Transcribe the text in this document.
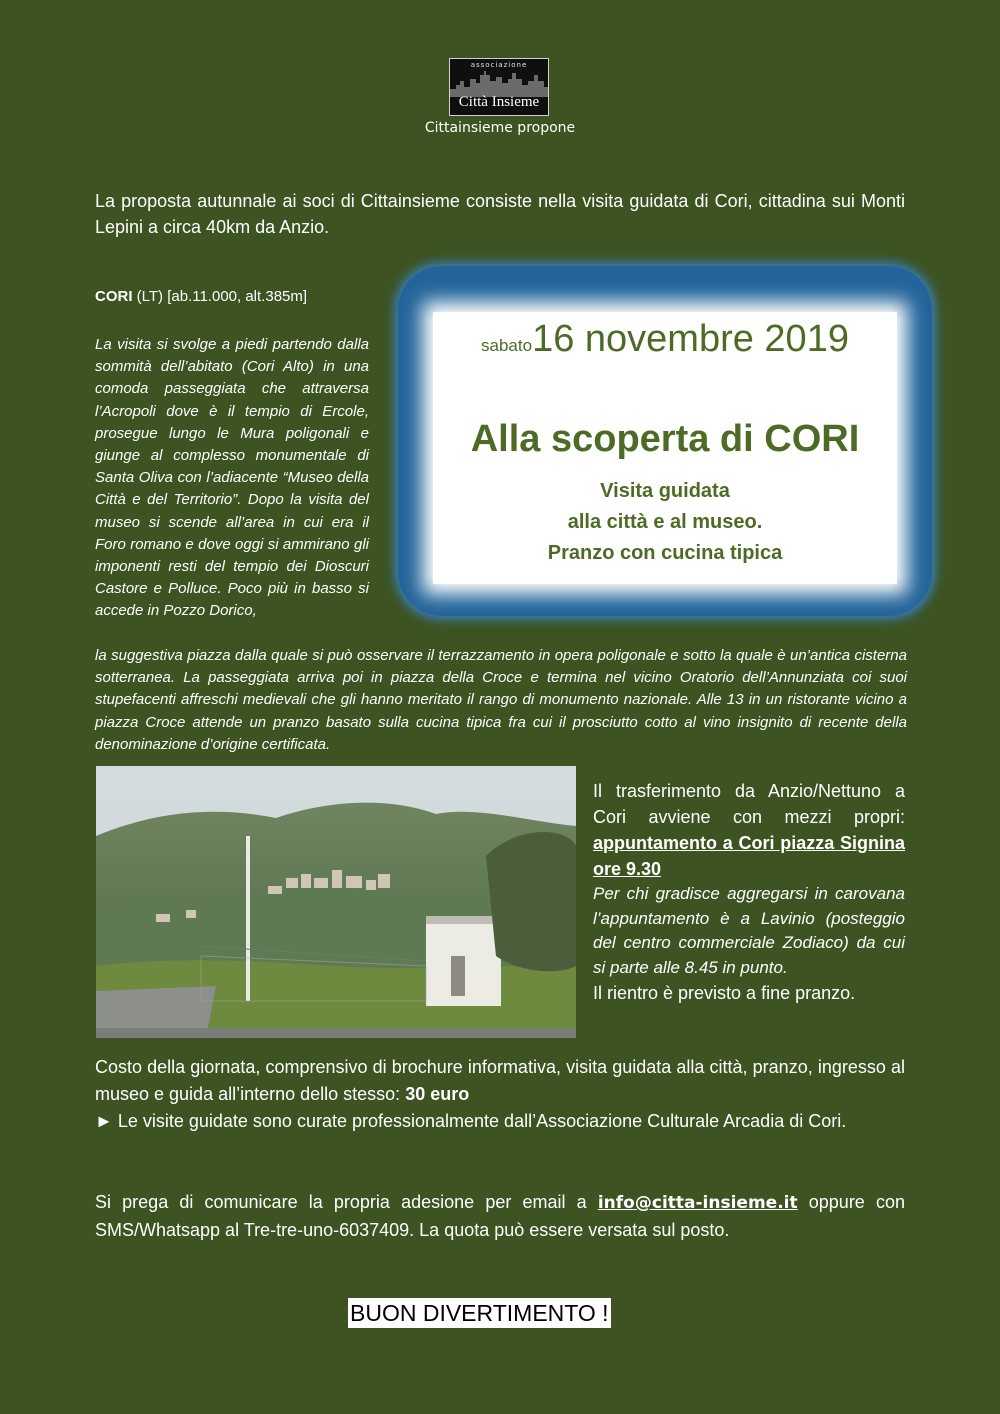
associazione
Città Insieme
Cittainsieme propone
La proposta autunnale ai soci di Cittainsieme consiste nella visita guidata di Cori, cittadina sui Monti Lepini a circa 40km da Anzio.
CORI (LT) [ab.11.000, alt.385m]
La visita si svolge a piedi partendo dalla sommità dell’abitato (Cori Alto) in una comoda passeggiata che attraversa l’Acropoli dove è il tempio di Ercole, prosegue lungo le Mura poligonali e giunge al complesso monumentale di Santa Oliva con l’adiacente “Museo della Città e del Territorio”. Dopo la visita del museo si scende all’area in cui era il Foro romano e dove oggi si ammirano gli imponenti resti del tempio dei Dioscuri Castore e Polluce. Poco più in basso si accede in Pozzo Dorico,
sabato16 novembre 2019
Alla scoperta di CORI
Visita guidata
alla città e al museo.
Pranzo con cucina tipica
la suggestiva piazza dalla quale si può osservare il terrazzamento in opera poligonale e sotto la quale è un’antica cisterna sotterranea. La passeggiata arriva poi in piazza della Croce e termina nel vicino Oratorio dell’Annunziata coi suoi stupefacenti affreschi medievali che gli hanno meritato il rango di monumento nazionale. Alle 13 in un ristorante vicino a piazza Croce attende un pranzo basato sulla cucina tipica fra cui il prosciutto cotto al vino insignito di recente della denominazione d’origine certificata.
Il trasferimento da Anzio/Nettuno a Cori avviene con mezzi propri: appuntamento a Cori piazza Signina ore 9.30
Per chi gradisce aggregarsi in carovana l’appuntamento è a Lavinio (posteggio del centro commerciale Zodiaco) da cui si parte alle 8.45 in punto.
Il rientro è previsto a fine pranzo.
Costo della giornata, comprensivo di brochure informativa, visita guidata alla città, pranzo, ingresso al museo e guida all’interno dello stesso: 30 euro
► Le visite guidate sono curate professionalmente dall’Associazione Culturale Arcadia di Cori.
Si prega di comunicare la propria adesione per email a info@citta-insieme.it oppure con SMS/Whatsapp al Tre-tre-uno-6037409. La quota può essere versata sul posto.
BUON DIVERTIMENTO !
